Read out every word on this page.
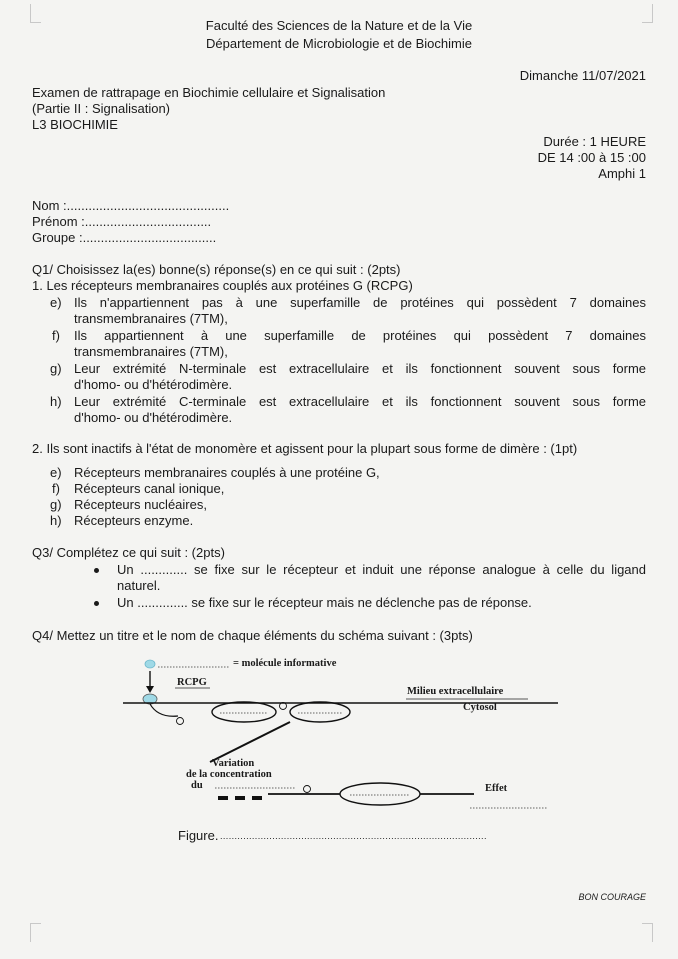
Faculté des Sciences de la Nature et de la Vie
Département de Microbiologie et de Biochimie
Dimanche 11/07/2021
Examen de rattrapage en Biochimie cellulaire et Signalisation
(Partie II : Signalisation)
L3 BIOCHIMIE
Durée : 1 HEURE
DE 14 :00 à 15 :00
Amphi 1
Nom :.............................................
Prénom :...................................
Groupe :.....................................
Q1/ Choisissez la(es) bonne(s) réponse(s) en ce qui suit : (2pts)
1. Les récepteurs membranaires couplés aux protéines G (RCPG)
e) Ils n'appartiennent pas à une superfamille de protéines qui possèdent 7 domaines
transmembranaires (7TM),
f) Ils appartiennent à une superfamille de protéines qui possèdent 7 domaines
transmembranaires (7TM),
g) Leur extrémité N-terminale est extracellulaire et ils fonctionnent souvent sous forme
d'homo- ou d'hétérodimère.
h) Leur extrémité C-terminale est extracellulaire et ils fonctionnent souvent sous forme
d'homo- ou d'hétérodimère.
2. Ils sont inactifs à l'état de monomère et agissent pour la plupart sous forme de dimère : (1pt)
e) Récepteurs membranaires couplés à une protéine G,
f) Récepteurs canal ionique,
g) Récepteurs nucléaires,
h) Récepteurs enzyme.
Q3/ Complétez ce qui suit : (2pts)
Un ............. se fixe sur le récepteur et induit une réponse analogue à celle du ligand
naturel.
Un .............. se fixe sur le récepteur mais ne déclenche pas de réponse.
Q4/ Mettez un titre et le nom de chaque éléments du schéma suivant : (3pts)
= molécule informative
RCPG
Milieu extracellulaire
Cytosol
Variation
de la concentration
du	Effet
Figure. ............................................................................................
BON COURAGE
